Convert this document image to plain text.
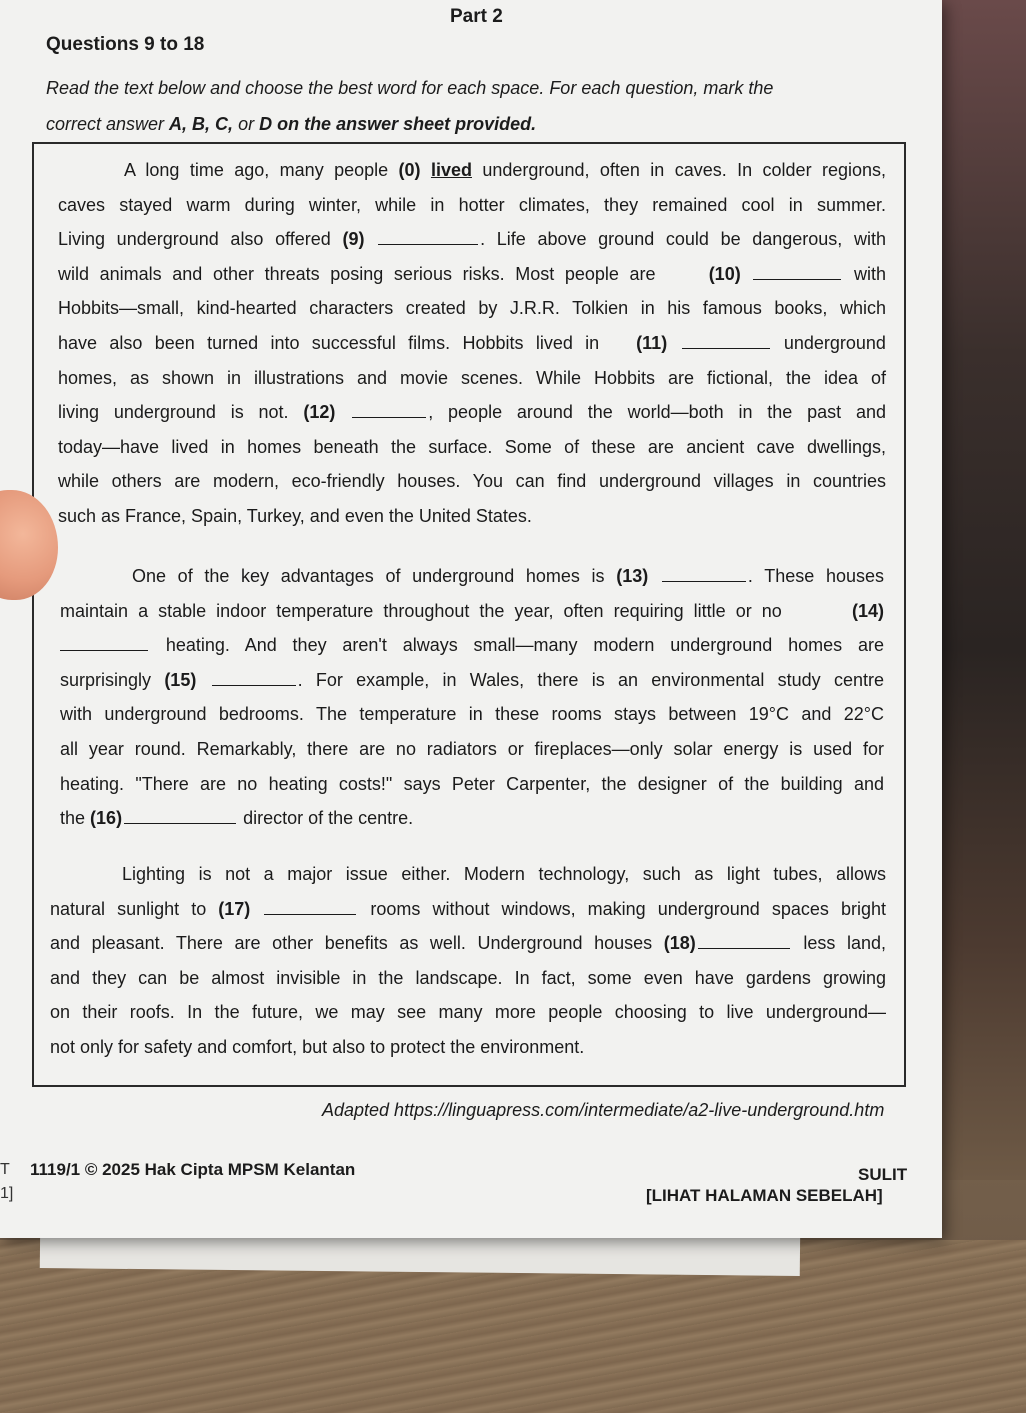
Part 2
Questions 9 to 18
Read the text below and choose the best word for each space. For each question, mark the
correct answer A, B, C, or D on the answer sheet provided.
A long time ago, many people (0) lived underground, often in caves. In colder regions,
caves stayed warm during winter, while in hotter climates, they remained cool in summer.
Living underground also offered (9)	. Life above ground could be dangerous, with
wild animals and other threats posing serious risks. Most people are	(10)	with
Hobbits—small, kind-hearted characters created by J.R.R. Tolkien in his famous books, which
have also been turned into successful films. Hobbits lived in (11)	underground
homes, as shown in illustrations and movie scenes. While Hobbits are fictional, the idea of
living underground is not. (12)	, people around the world—both in the past and
today—have lived in homes beneath the surface. Some of these are ancient cave dwellings,
while others are modern, eco-friendly houses. You can find underground villages in countries
such as France, Spain, Turkey, and even the United States.
One of the key advantages of underground homes is (13)	. These houses
maintain a stable indoor temperature throughout the year, often requiring little or no	(14)
heating. And they aren't always small—many modern underground homes are
surprisingly (15)	. For example, in Wales, there is an environmental study centre
with underground bedrooms. The temperature in these rooms stays between 19°C and 22°C
all year round. Remarkably, there are no radiators or fireplaces—only solar energy is used for
heating. "There are no heating costs!" says Peter Carpenter, the designer of the building and
the (16)	director of the centre.
Lighting is not a major issue either. Modern technology, such as light tubes, allows
natural sunlight to (17)	rooms without windows, making underground spaces bright
and pleasant. There are other benefits as well. Underground houses (18)	less land,
and they can be almost invisible in the landscape. In fact, some even have gardens growing
on their roofs. In the future, we may see many more people choosing to live underground—
not only for safety and comfort, but also to protect the environment.
Adapted https://linguapress.com/intermediate/a2-live-underground.htm
T
1]
1119/1 © 2025 Hak Cipta MPSM Kelantan	SULIT
[LIHAT HALAMAN SEBELAH]
